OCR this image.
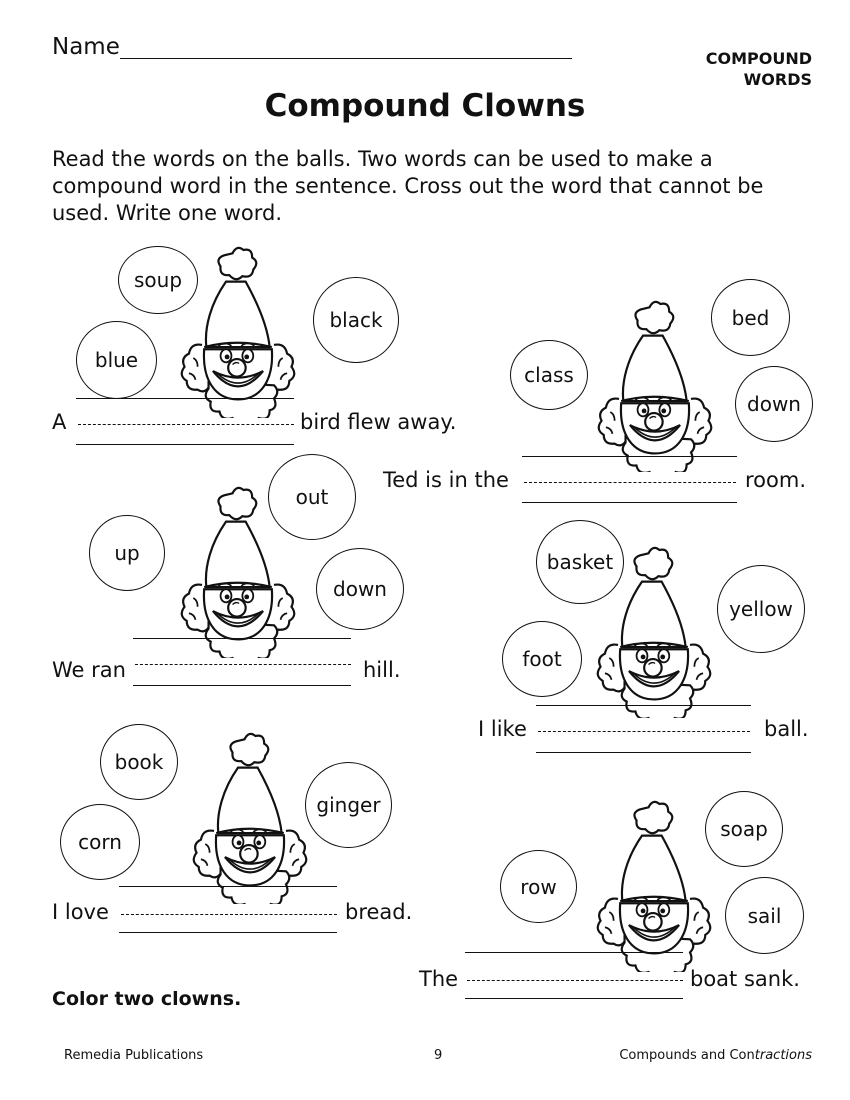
Name	COMPOUND
WORDS
Compound Clowns
Read the words on the balls. Two words can be used to make a compound word in the sentence. Cross out the word that cannot be used. Write one word.
soup
blue
black
A	bird flew away.
bed
class
down
Ted is in the	room.
out
up
down
We ran	hill.
basket
yellow
foot
I like	ball.
book
ginger
corn
I love	bread.
soap
row
sail
The	boat sank.
Color two clowns.
Remedia Publications	9	Compounds and Contractions
